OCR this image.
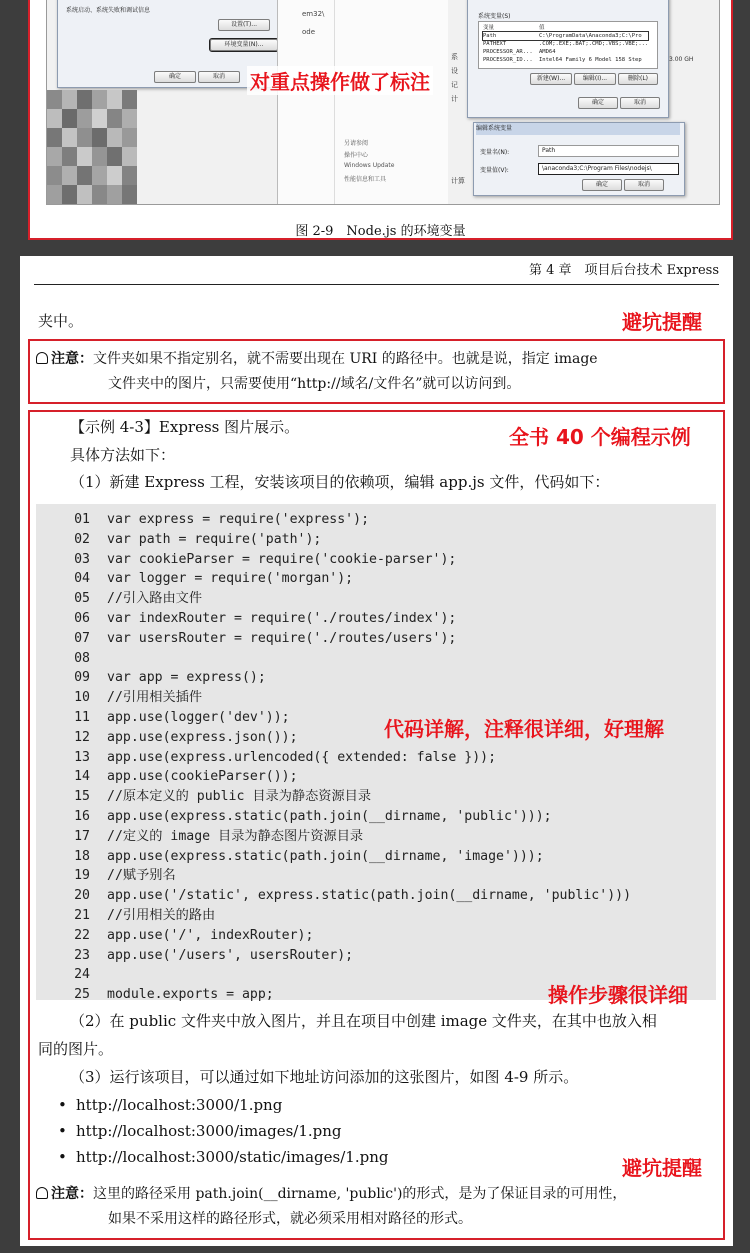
系统启动、系统失败和调试信息
设置(T)...
环境变量(N)...
确定	取消
em32\
ode
另请参阅
操作中心
Windows Update
性能信息和工具
系
设
记
计
计算
3.00 GH
系统变量(S)
变量	值
Path	C:\ProgramData\Anaconda3;C:\Pro
PATHEXT	.COM;.EXE;.BAT;.CMD;.VBS;.VBE;...
PROCESSOR_AR...	AMD64
PROCESSOR_ID...	Intel64 Family 6 Model 158 Step
新建(W)...	编辑(I)...	删除(L)
确定	取消
编辑系统变量
变量名(N):	Path
变量值(V):	\anaconda3;C:\Program Files\nodejs\
确定	取消
对重点操作做了标注
图 2-9　Node.js 的环境变量
第 4 章　项目后台技术 Express
夹中。	避坑提醒
注意：文件夹如果不指定别名，就不需要出现在 URI 的路径中。也就是说，指定 image
文件夹中的图片，只需要使用“http://域名/文件名”就可以访问到。
全书 40 个编程示例
【示例 4-3】Express 图片展示。
具体方法如下：
（1）新建 Express 工程，安装该项目的依赖项，编辑 app.js 文件，代码如下：
01 var express = require('express');
02 var path = require('path');
03 var cookieParser = require('cookie-parser');
04 var logger = require('morgan');
05 //引入路由文件
06 var indexRouter = require('./routes/index');
07 var usersRouter = require('./routes/users');
08
09 var app = express();
10 //引用相关插件
11 app.use(logger('dev'));
12 app.use(express.json());
13 app.use(express.urlencoded({ extended: false }));
14 app.use(cookieParser());
15 //原本定义的 public 目录为静态资源目录
16 app.use(express.static(path.join(__dirname, 'public')));
17 //定义的 image 目录为静态图片资源目录
18 app.use(express.static(path.join(__dirname, 'image')));
19 //赋予别名
20 app.use('/static', express.static(path.join(__dirname, 'public')))
21 //引用相关的路由
22 app.use('/', indexRouter);
23 app.use('/users', usersRouter);
24
25 module.exports = app;
代码详解，注释很详细，好理解
操作步骤很详细
（2）在 public 文件夹中放入图片，并且在项目中创建 image 文件夹，在其中也放入相
同的图片。
（3）运行该项目，可以通过如下地址访问添加的这张图片，如图 4-9 所示。
• http://localhost:3000/1.png
• http://localhost:3000/images/1.png
• http://localhost:3000/static/images/1.png	避坑提醒
注意：这里的路径采用 path.join(__dirname, 'public')的形式，是为了保证目录的可用性，
如果不采用这样的路径形式，就必须采用相对路径的形式。
